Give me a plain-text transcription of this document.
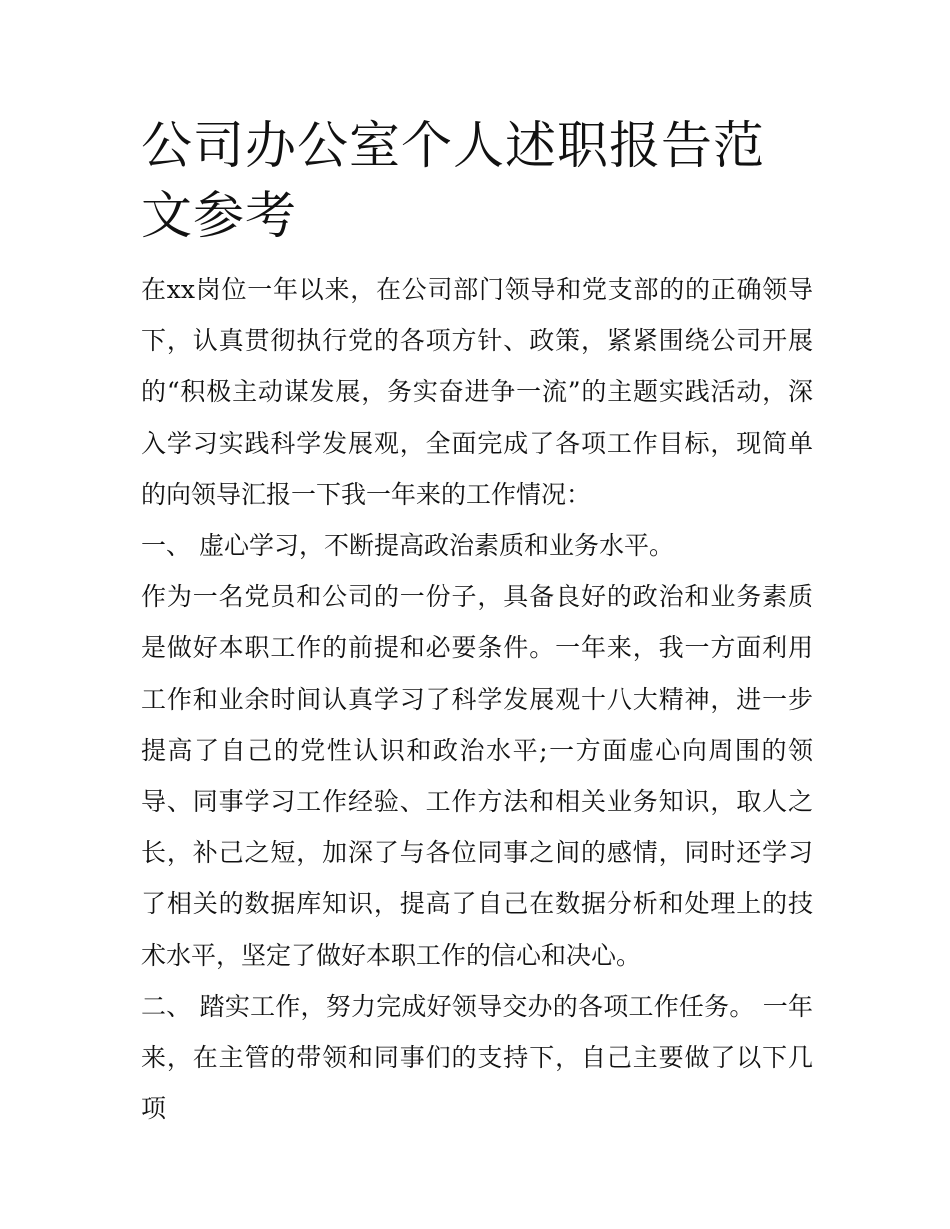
公司办公室个人述职报告范文参考

在xx岗位一年以来，在公司部门领导和党支部的的正确领导下，认真贯彻执行党的各项方针、政策，紧紧围绕公司开展的“积极主动谋发展，务实奋进争一流”的主题实践活动，深入学习实践科学发展观，全面完成了各项工作目标，现简单的向领导汇报一下我一年来的工作情况：

一、 虚心学习，不断提高政治素质和业务水平。

作为一名党员和公司的一份子，具备良好的政治和业务素质是做好本职工作的前提和必要条件。一年来，我一方面利用工作和业余时间认真学习了科学发展观十八大精神，进一步提高了自己的党性认识和政治水平;一方面虚心向周围的领导、同事学习工作经验、工作方法和相关业务知识，取人之长，补己之短，加深了与各位同事之间的感情，同时还学习了相关的数据库知识，提高了自己在数据分析和处理上的技术水平，坚定了做好本职工作的信心和决心。

二、 踏实工作，努力完成好领导交办的各项工作任务。 一年来，在主管的带领和同事们的支持下，自己主要做了以下几项
